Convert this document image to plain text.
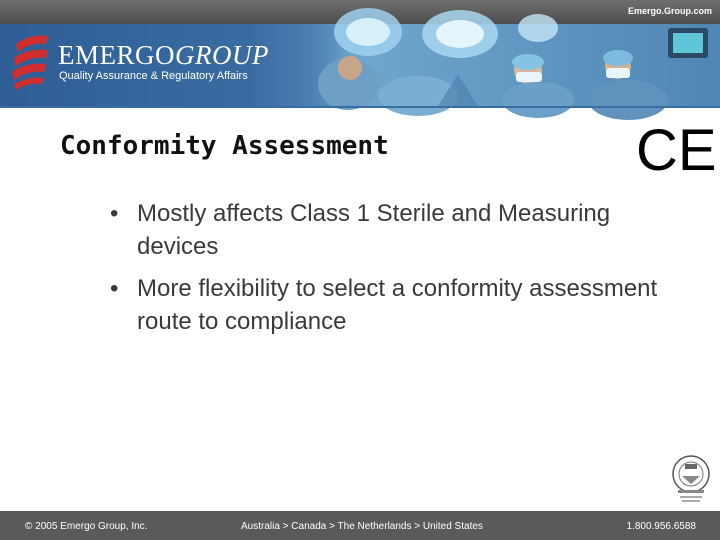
Emergo.Group.com
EMERGOGROUP
Quality Assurance & Regulatory Affairs
Conformity Assessment	CE
• Mostly affects Class 1 Sterile and Measuring devices
• More flexibility to select a conformity assessment route to compliance
© 2005 Emergo Group, Inc.	Australia > Canada > The Netherlands > United States	1.800.956.6588
